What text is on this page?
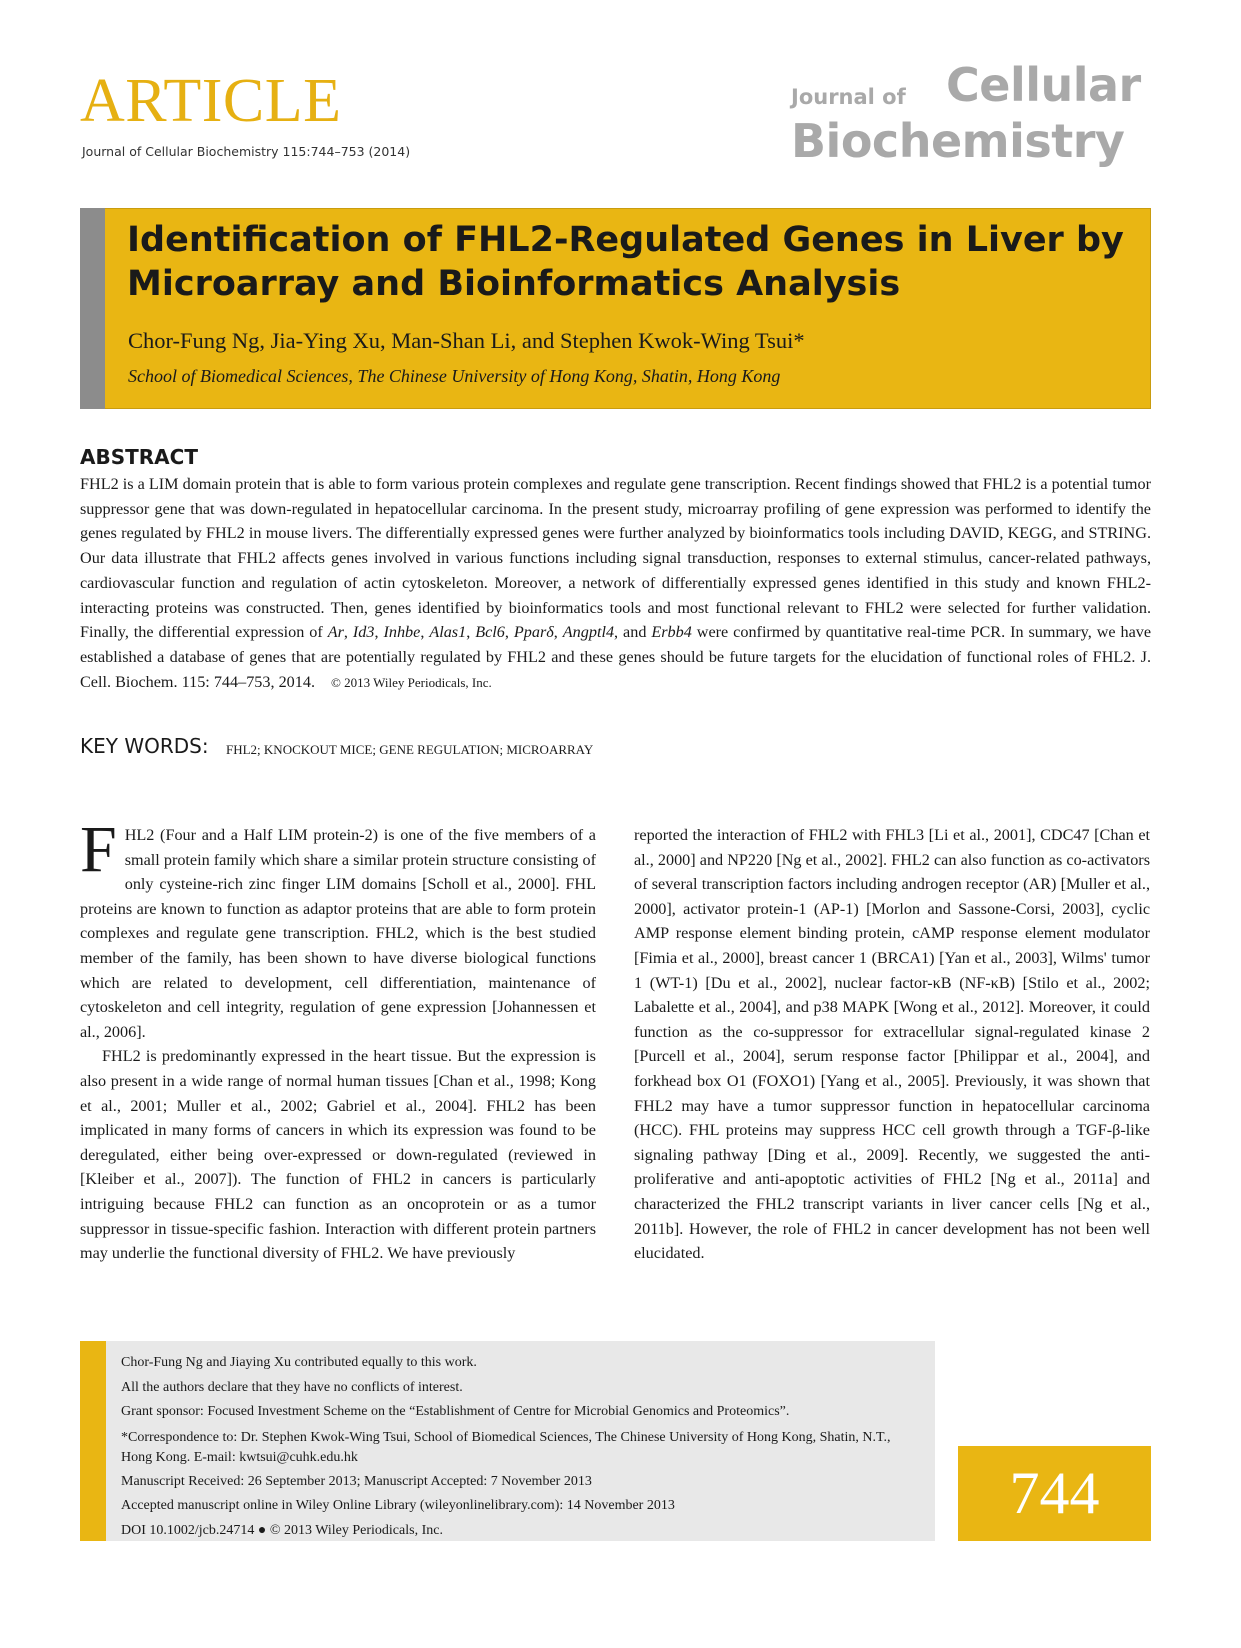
ARTICLE
Journal of Cellular Biochemistry 115:744–753 (2014)
Journal of Cellular
Biochemistry
Identification of FHL2-Regulated Genes in Liver by Microarray and Bioinformatics Analysis
Chor-Fung Ng, Jia-Ying Xu, Man-Shan Li, and Stephen Kwok-Wing Tsui*
School of Biomedical Sciences, The Chinese University of Hong Kong, Shatin, Hong Kong
ABSTRACT
FHL2 is a LIM domain protein that is able to form various protein complexes and regulate gene transcription. Recent findings showed that FHL2 is a potential tumor suppressor gene that was down-regulated in hepatocellular carcinoma. In the present study, microarray profiling of gene expression was performed to identify the genes regulated by FHL2 in mouse livers. The differentially expressed genes were further analyzed by bioinformatics tools including DAVID, KEGG, and STRING. Our data illustrate that FHL2 affects genes involved in various functions including signal transduction, responses to external stimulus, cancer-related pathways, cardiovascular function and regulation of actin cytoskeleton. Moreover, a network of differentially expressed genes identified in this study and known FHL2-interacting proteins was constructed. Then, genes identified by bioinformatics tools and most functional relevant to FHL2 were selected for further validation. Finally, the differential expression of Ar, Id3, Inhbe, Alas1, Bcl6, Pparδ, Angptl4, and Erbb4 were confirmed by quantitative real-time PCR. In summary, we have established a database of genes that are potentially regulated by FHL2 and these genes should be future targets for the elucidation of functional roles of FHL2. J. Cell. Biochem. 115: 744–753, 2014. © 2013 Wiley Periodicals, Inc.
KEY WORDS: FHL2; KNOCKOUT MICE; GENE REGULATION; MICROARRAY

FHL2 (Four and a Half LIM protein-2) is one of the five members of a small protein family which share a similar protein structure consisting of only cysteine-rich zinc finger LIM domains [Scholl et al., 2000]. FHL proteins are known to function as adaptor proteins that are able to form protein complexes and regulate gene transcription. FHL2, which is the best studied member of the family, has been shown to have diverse biological functions which are related to development, cell differentiation, maintenance of cytoskeleton and cell integrity, regulation of gene expression [Johannessen et al., 2006].

FHL2 is predominantly expressed in the heart tissue. But the expression is also present in a wide range of normal human tissues [Chan et al., 1998; Kong et al., 2001; Muller et al., 2002; Gabriel et al., 2004]. FHL2 has been implicated in many forms of cancers in which its expression was found to be deregulated, either being over-expressed or down-regulated (reviewed in [Kleiber et al., 2007]). The function of FHL2 in cancers is particularly intriguing because FHL2 can function as an oncoprotein or as a tumor suppressor in tissue-specific fashion. Interaction with different protein partners may underlie the functional diversity of FHL2. We have previously

reported the interaction of FHL2 with FHL3 [Li et al., 2001], CDC47 [Chan et al., 2000] and NP220 [Ng et al., 2002]. FHL2 can also function as co-activators of several transcription factors including androgen receptor (AR) [Muller et al., 2000], activator protein-1 (AP-1) [Morlon and Sassone-Corsi, 2003], cyclic AMP response element binding protein, cAMP response element modulator [Fimia et al., 2000], breast cancer 1 (BRCA1) [Yan et al., 2003], Wilms' tumor 1 (WT-1) [Du et al., 2002], nuclear factor-κB (NF-κB) [Stilo et al., 2002; Labalette et al., 2004], and p38 MAPK [Wong et al., 2012]. Moreover, it could function as the co-suppressor for extracellular signal-regulated kinase 2 [Purcell et al., 2004], serum response factor [Philippar et al., 2004], and forkhead box O1 (FOXO1) [Yang et al., 2005]. Previously, it was shown that FHL2 may have a tumor suppressor function in hepatocellular carcinoma (HCC). FHL proteins may suppress HCC cell growth through a TGF-β-like signaling pathway [Ding et al., 2009]. Recently, we suggested the anti-proliferative and anti-apoptotic activities of FHL2 [Ng et al., 2011a] and characterized the FHL2 transcript variants in liver cancer cells [Ng et al., 2011b]. However, the role of FHL2 in cancer development has not been well elucidated.

Chor-Fung Ng and Jiaying Xu contributed equally to this work.
All the authors declare that they have no conflicts of interest.
Grant sponsor: Focused Investment Scheme on the “Establishment of Centre for Microbial Genomics and Proteomics”.
*Correspondence to: Dr. Stephen Kwok-Wing Tsui, School of Biomedical Sciences, The Chinese University of Hong Kong, Shatin, N.T., Hong Kong. E-mail: kwtsui@cuhk.edu.hk
Manuscript Received: 26 September 2013; Manuscript Accepted: 7 November 2013
Accepted manuscript online in Wiley Online Library (wileyonlinelibrary.com): 14 November 2013
DOI 10.1002/jcb.24714 ● © 2013 Wiley Periodicals, Inc.
744
